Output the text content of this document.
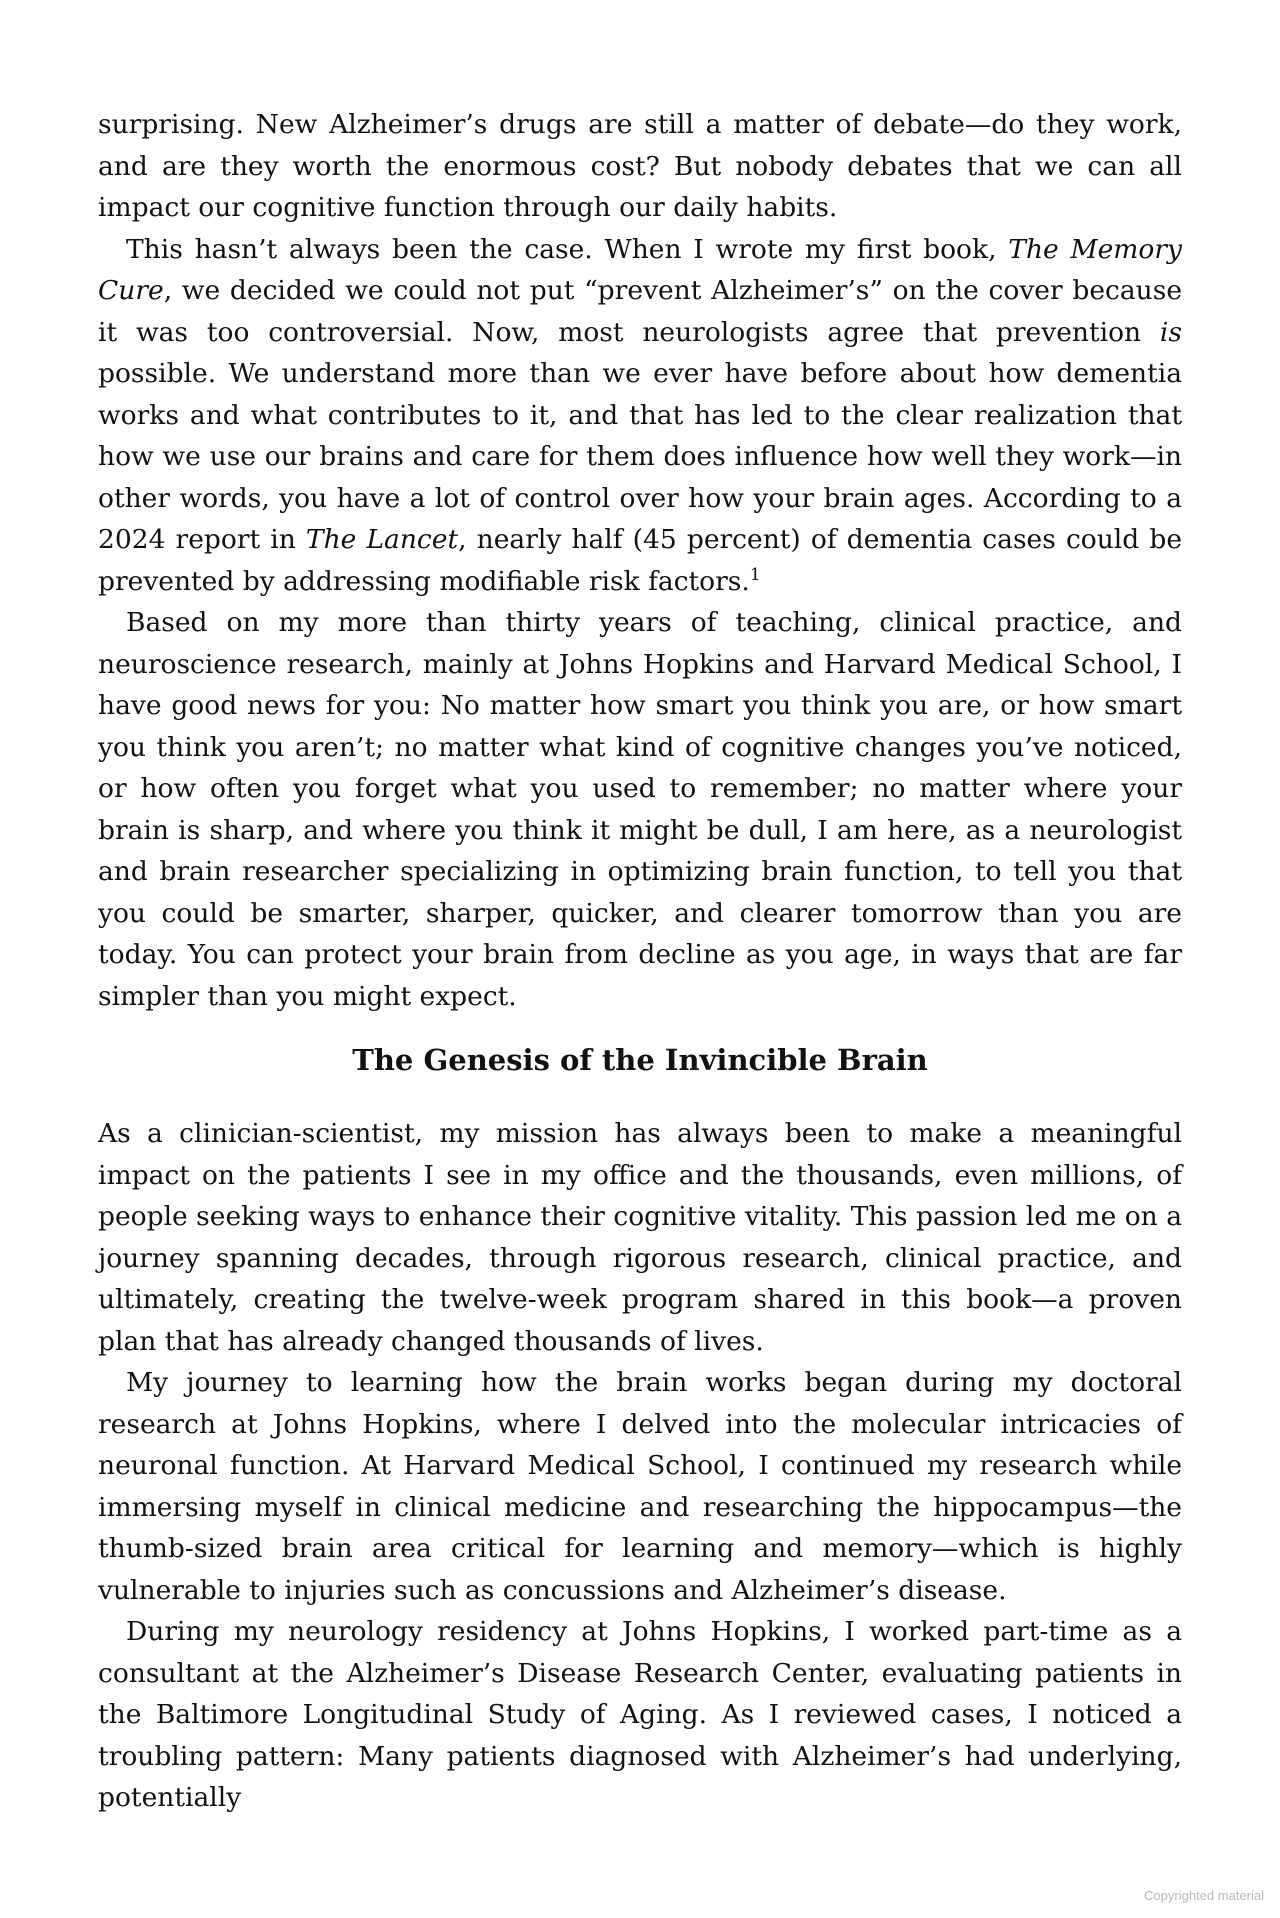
surprising. New Alzheimer’s drugs are still a matter of debate—do they work, and are they worth the enormous cost? But nobody debates that we can all impact our cognitive function through our daily habits.

This hasn’t always been the case. When I wrote my first book, The Memory Cure, we decided we could not put “prevent Alzheimer’s” on the cover because it was too controversial. Now, most neurologists agree that prevention is possible. We understand more than we ever have before about how dementia works and what contributes to it, and that has led to the clear realization that how we use our brains and care for them does influence how well they work—in other words, you have a lot of control over how your brain ages. According to a 2024 report in The Lancet, nearly half (45 percent) of dementia cases could be prevented by addressing modifiable risk factors.$^1$

Based on my more than thirty years of teaching, clinical practice, and neuroscience research, mainly at Johns Hopkins and Harvard Medical School, I have good news for you: No matter how smart you think you are, or how smart you think you aren’t; no matter what kind of cognitive changes you’ve noticed, or how often you forget what you used to remember; no matter where your brain is sharp, and where you think it might be dull, I am here, as a neurologist and brain researcher specializing in optimizing brain function, to tell you that you could be smarter, sharper, quicker, and clearer tomorrow than you are today. You can protect your brain from decline as you age, in ways that are far simpler than you might expect.

The Genesis of the Invincible Brain

As a clinician-scientist, my mission has always been to make a meaningful impact on the patients I see in my office and the thousands, even millions, of people seeking ways to enhance their cognitive vitality. This passion led me on a journey spanning decades, through rigorous research, clinical practice, and ultimately, creating the twelve-week program shared in this book—a proven plan that has already changed thousands of lives.

My journey to learning how the brain works began during my doctoral research at Johns Hopkins, where I delved into the molecular intricacies of neuronal function. At Harvard Medical School, I continued my research while immersing myself in clinical medicine and researching the hippocampus—the thumb-sized brain area critical for learning and memory—which is highly vulnerable to injuries such as concussions and Alzheimer’s disease.

During my neurology residency at Johns Hopkins, I worked part-time as a consultant at the Alzheimer’s Disease Research Center, evaluating patients in the Baltimore Longitudinal Study of Aging. As I reviewed cases, I noticed a troubling pattern: Many patients diagnosed with Alzheimer’s had underlying, potentially

Copyrighted material
